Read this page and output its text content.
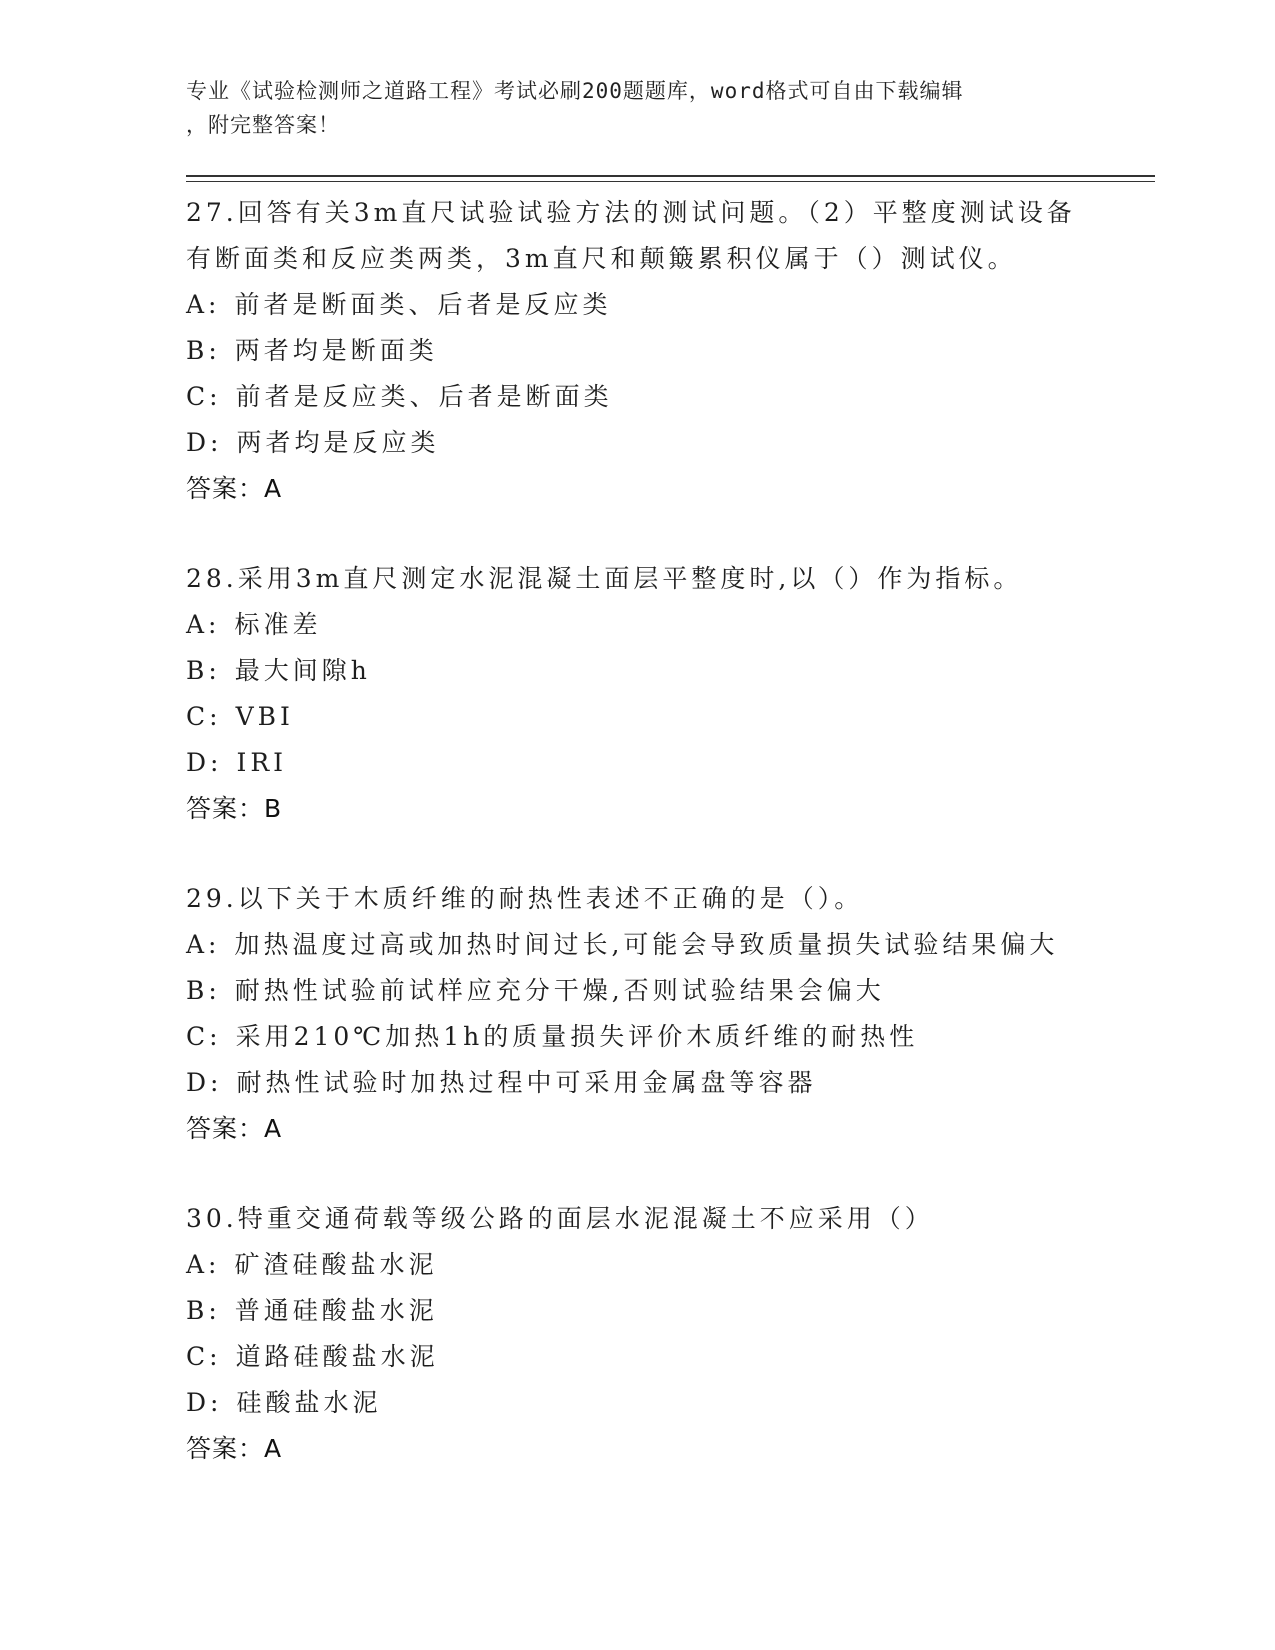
专业《试验检测师之道路工程》考试必刷200题题库，word格式可自由下载编辑
，附完整答案！
27.回答有关3m直尺试验试验方法的测试问题。（2）平整度测试设备
有断面类和反应类两类，3m直尺和颠簸累积仪属于（）测试仪。
A: 前者是断面类、后者是反应类
B: 两者均是断面类
C: 前者是反应类、后者是断面类
D: 两者均是反应类
答案：A
28.采用3m直尺测定水泥混凝土面层平整度时,以（）作为指标。
A: 标准差
B: 最大间隙h
C: VBI
D: IRI
答案：B
29.以下关于木质纤维的耐热性表述不正确的是（）。
A: 加热温度过高或加热时间过长,可能会导致质量损失试验结果偏大
B: 耐热性试验前试样应充分干燥,否则试验结果会偏大
C: 采用210℃加热1h的质量损失评价木质纤维的耐热性
D: 耐热性试验时加热过程中可采用金属盘等容器
答案：A
30.特重交通荷载等级公路的面层水泥混凝土不应采用（）
A: 矿渣硅酸盐水泥
B: 普通硅酸盐水泥
C: 道路硅酸盐水泥
D: 硅酸盐水泥
答案：A
